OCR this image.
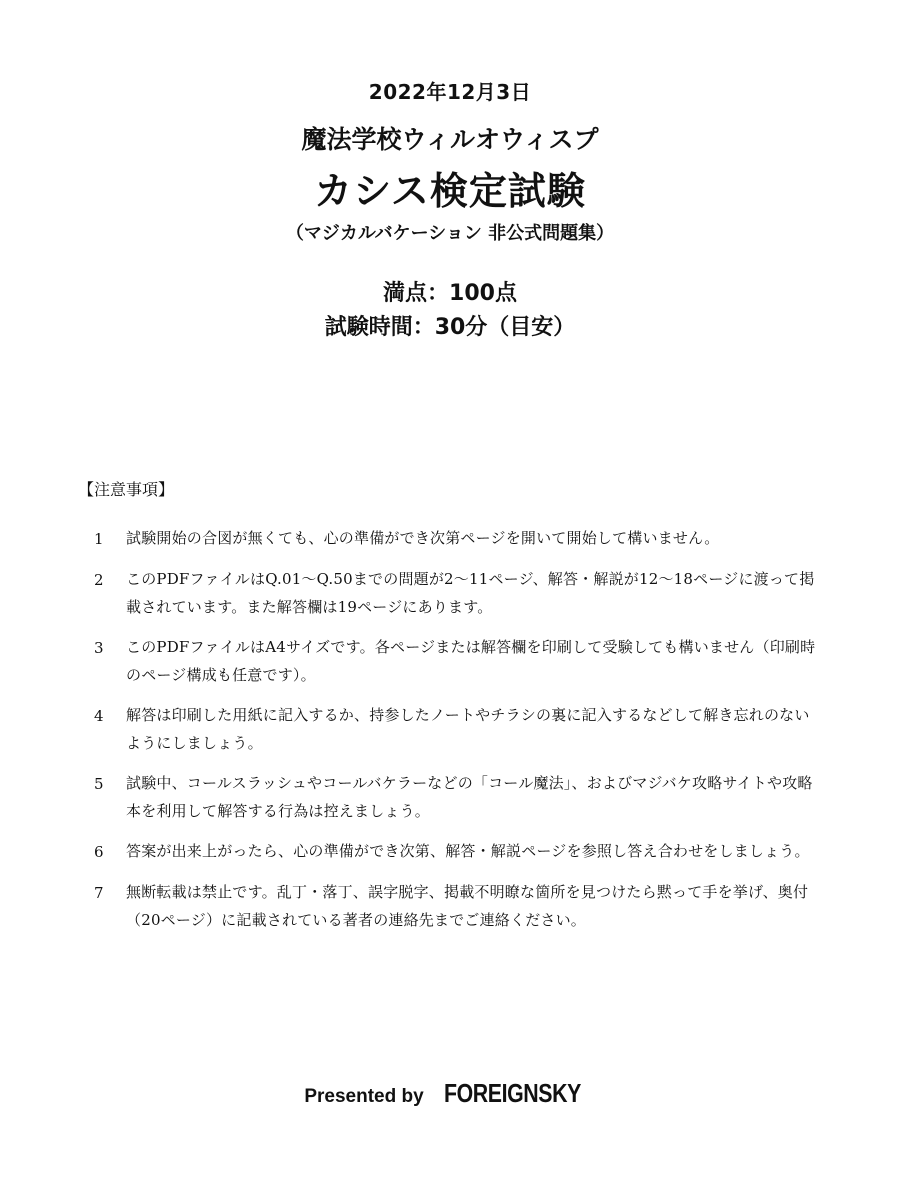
2022年12月3日
魔法学校ウィルオウィスプ
カシス検定試験
（マジカルバケーション 非公式問題集）
満点：100点
試験時間：30分（目安）
【注意事項】
1	試験開始の合図が無くても、心の準備ができ次第ページを開いて開始して構いません。
2	このPDFファイルはQ.01～Q.50までの問題が2～11ページ、解答・解説が12～18ページに渡って掲載されています。また解答欄は19ページにあります。
3	このPDFファイルはA4サイズです。各ページまたは解答欄を印刷して受験しても構いません（印刷時のページ構成も任意です）。
4	解答は印刷した用紙に記入するか、持参したノートやチラシの裏に記入するなどして解き忘れのないようにしましょう。
5	試験中、コールスラッシュやコールバケラーなどの「コール魔法」、およびマジバケ攻略サイトや攻略本を利用して解答する行為は控えましょう。
6	答案が出来上がったら、心の準備ができ次第、解答・解説ページを参照し答え合わせをしましょう。
7	無断転載は禁止です。乱丁・落丁、誤字脱字、掲載不明瞭な箇所を見つけたら黙って手を挙げ、奥付（20ページ）に記載されている著者の連絡先までご連絡ください。
Presented by FOREIGNSKY
